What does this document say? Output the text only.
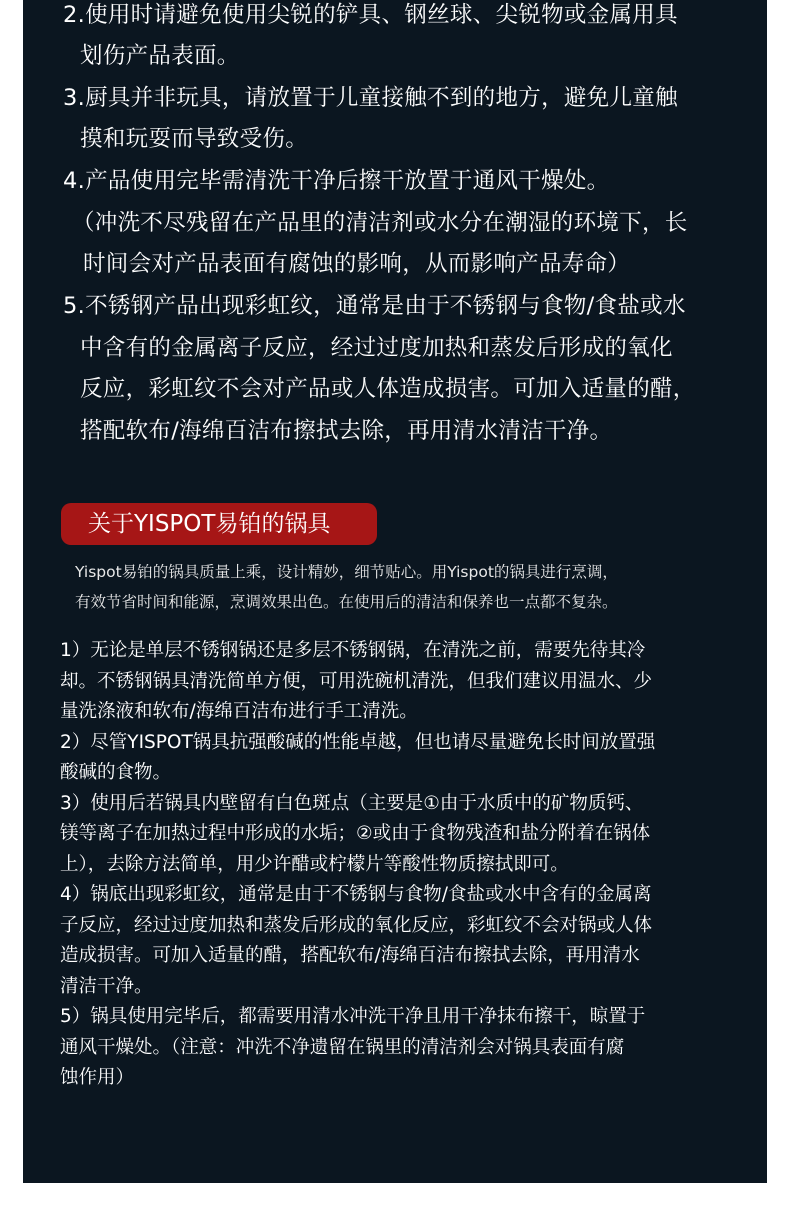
2.使用时请避免使用尖锐的铲具、钢丝球、尖锐物或金属用具

划伤产品表面。

3.厨具并非玩具，请放置于儿童接触不到的地方，避免儿童触

摸和玩耍而导致受伤。

4.产品使用完毕需清洗干净后擦干放置于通风干燥处。

（冲洗不尽残留在产品里的清洁剂或水分在潮湿的环境下，长

时间会对产品表面有腐蚀的影响，从而影响产品寿命）

5.不锈钢产品出现彩虹纹，通常是由于不锈钢与食物/食盐或水

中含有的金属离子反应，经过过度加热和蒸发后形成的氧化

反应，彩虹纹不会对产品或人体造成损害。可加入适量的醋，

搭配软布/海绵百洁布擦拭去除，再用清水清洁干净。

关于YISPOT易铂的锅具

Yispot易铂的锅具质量上乘，设计精妙，细节贴心。用Yispot的锅具进行烹调，

有效节省时间和能源，烹调效果出色。在使用后的清洁和保养也一点都不复杂。

1）无论是单层不锈钢锅还是多层不锈钢锅，在清洗之前，需要先待其冷

却。不锈钢锅具清洗简单方便，可用洗碗机清洗，但我们建议用温水、少

量洗涤液和软布/海绵百洁布进行手工清洗。

2）尽管YISPOT锅具抗强酸碱的性能卓越，但也请尽量避免长时间放置强

酸碱的食物。

3）使用后若锅具内壁留有白色斑点（主要是①由于水质中的矿物质钙、

镁等离子在加热过程中形成的水垢；②或由于食物残渣和盐分附着在锅体

上），去除方法简单，用少许醋或柠檬片等酸性物质擦拭即可。

4）锅底出现彩虹纹，通常是由于不锈钢与食物/食盐或水中含有的金属离

子反应，经过过度加热和蒸发后形成的氧化反应，彩虹纹不会对锅或人体

造成损害。可加入适量的醋，搭配软布/海绵百洁布擦拭去除，再用清水

清洁干净。

5）锅具使用完毕后，都需要用清水冲洗干净且用干净抹布擦干，晾置于

通风干燥处。（注意：冲洗不净遗留在锅里的清洁剂会对锅具表面有腐

蚀作用）
